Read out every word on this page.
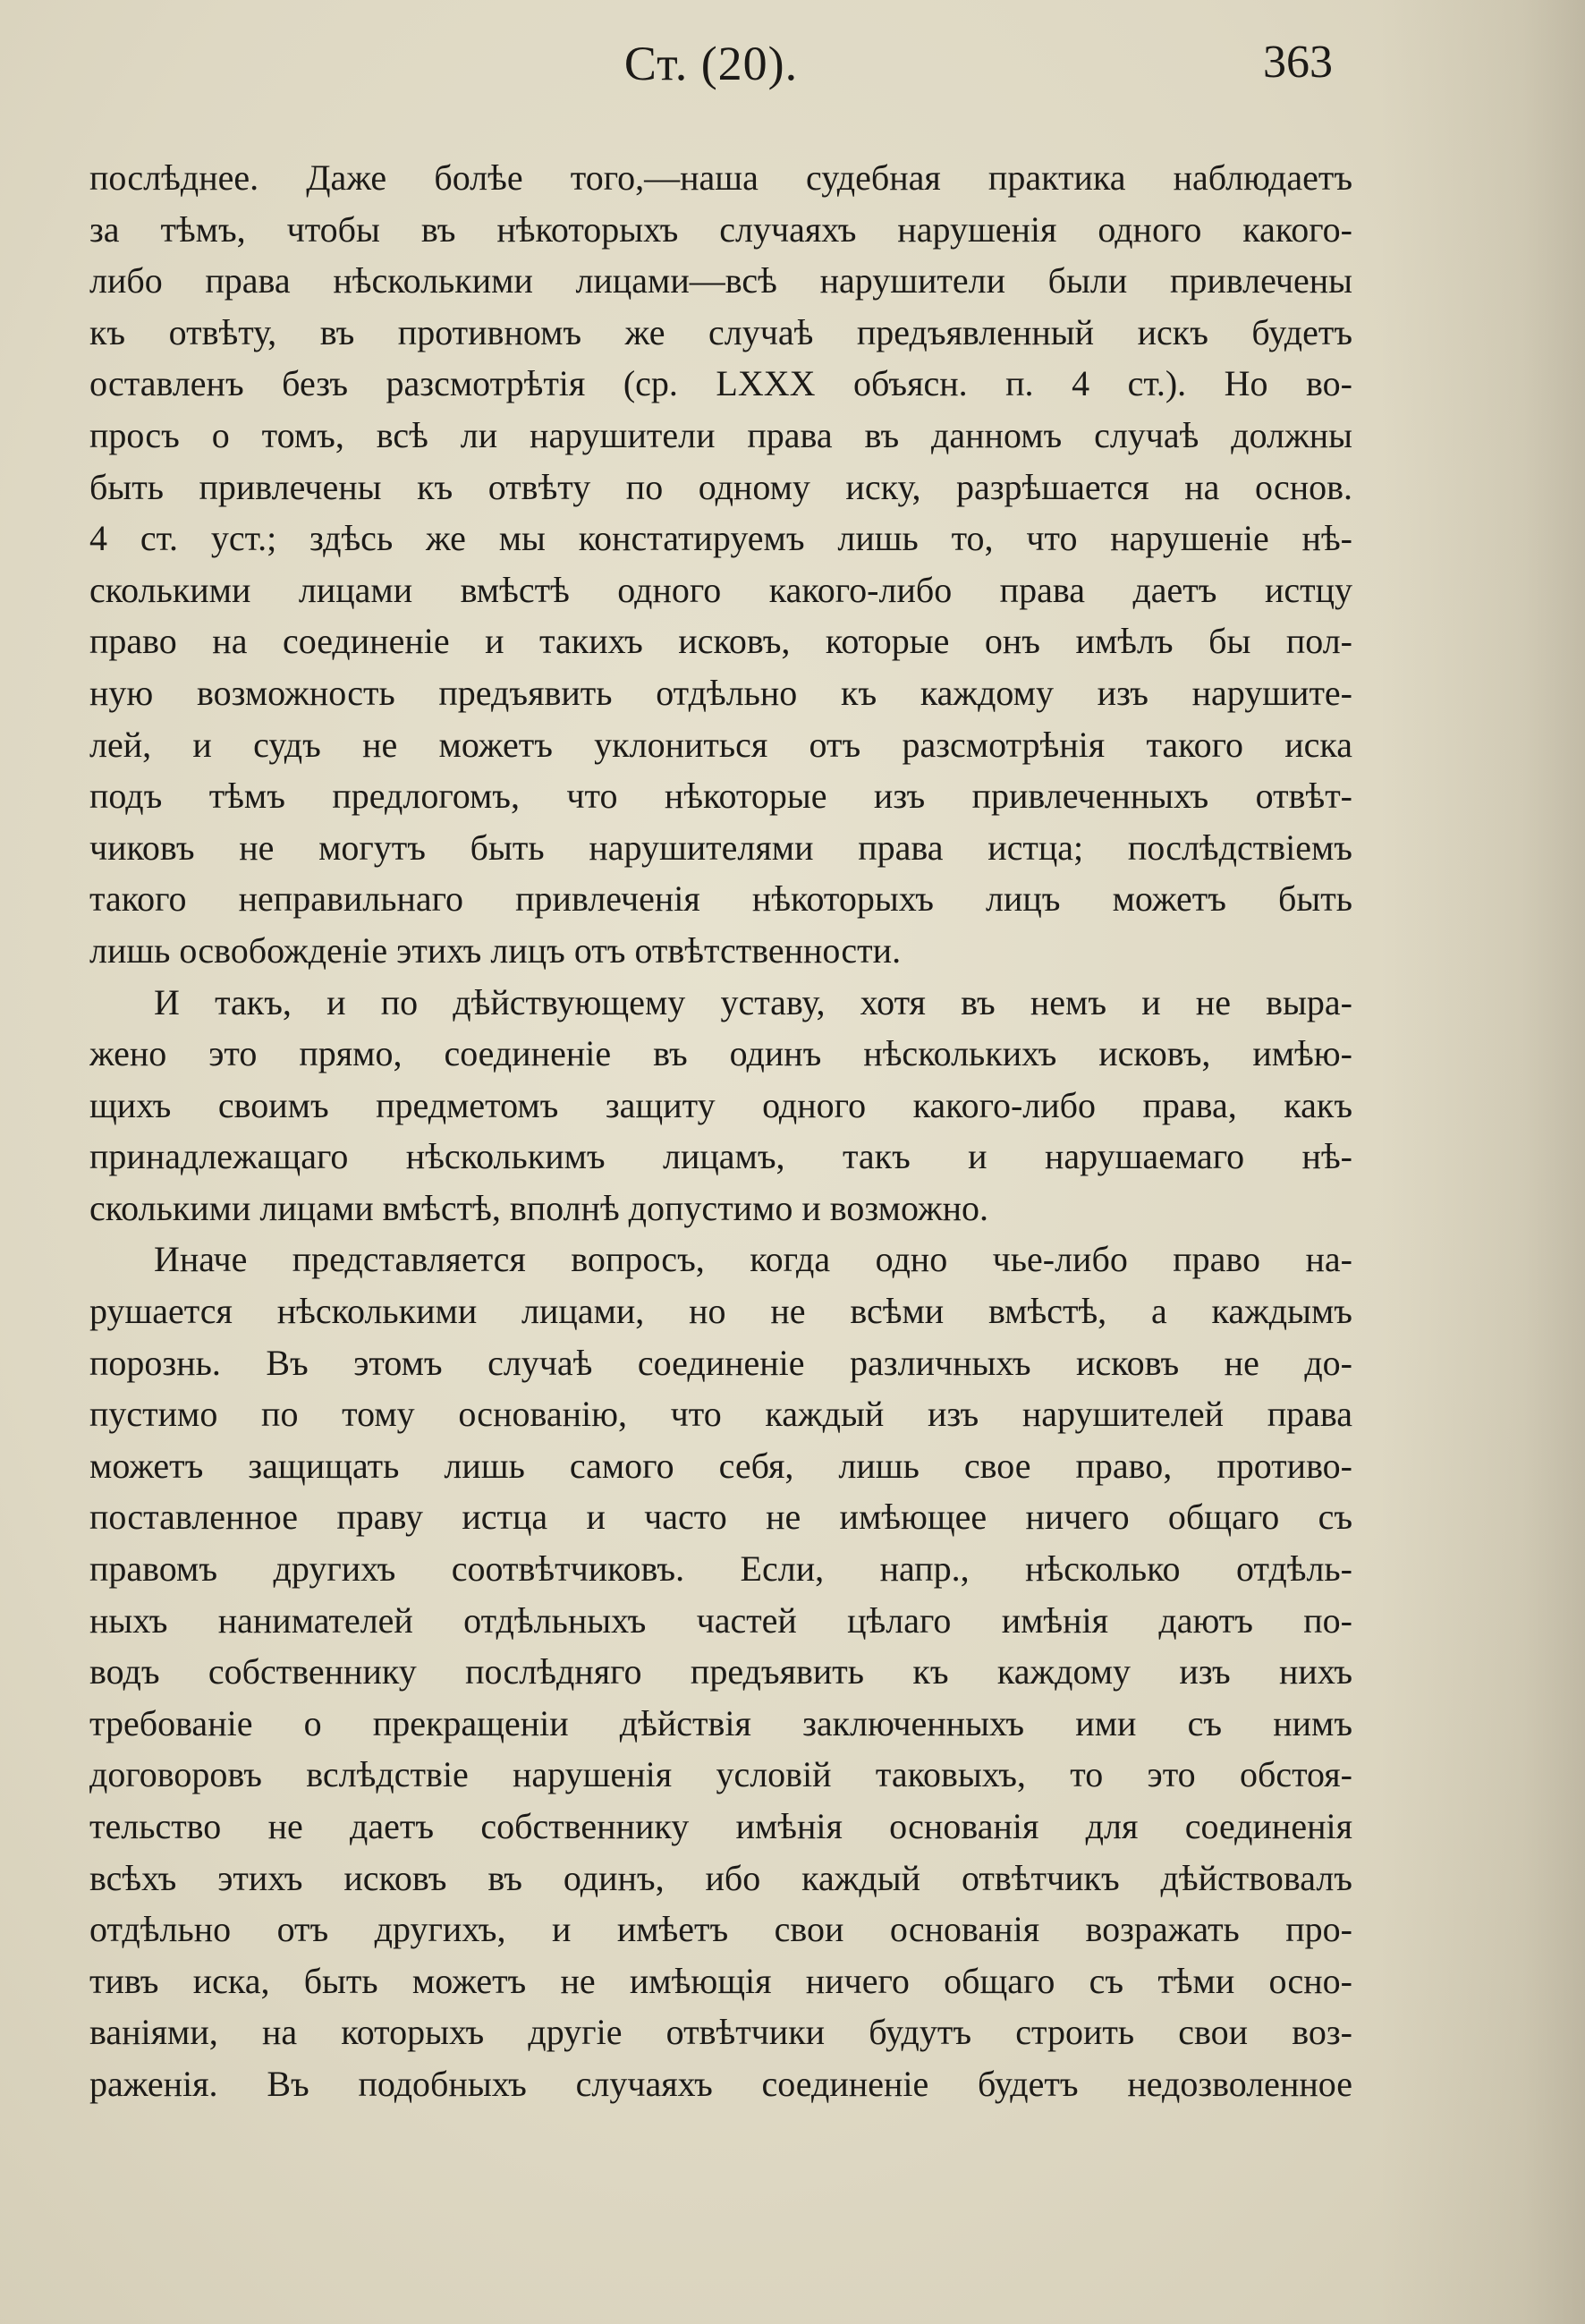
Ст. (20).	363

послѣднее. Даже болѣе того,—наша судебная практика наблюдаетъ
за тѣмъ, чтобы въ нѣкоторыхъ случаяхъ нарушенія одного какого-
либо права нѣсколькими лицами—всѣ нарушители были привлечены
къ отвѣту, въ противномъ же случаѣ предъявленный искъ будетъ
оставленъ безъ разсмотрѣтія (ср. LXXX объясн. п. 4 ст.). Но во-
просъ о томъ, всѣ ли нарушители права въ данномъ случаѣ должны
быть привлечены къ отвѣту по одному иску, разрѣшается на основ.
4 ст. уст.; здѣсь же мы констатируемъ лишь то, что нарушеніе нѣ-
сколькими лицами вмѣстѣ одного какого-либо права даетъ истцу
право на соединеніе и такихъ исковъ, которые онъ имѣлъ бы пол-
ную возможность предъявить отдѣльно къ каждому изъ нарушите-
лей, и судъ не можетъ уклониться отъ разсмотрѣнія такого иска
подъ тѣмъ предлогомъ, что нѣкоторые изъ привлеченныхъ отвѣт-
чиковъ не могутъ быть нарушителями права истца; послѣдствіемъ
такого неправильнаго привлеченія нѣкоторыхъ лицъ можетъ быть
лишь освобожденіе этихъ лицъ отъ отвѣтственности.

И такъ, и по дѣйствующему уставу, хотя въ немъ и не выра-
жено это прямо, соединеніе въ одинъ нѣсколькихъ исковъ, имѣю-
щихъ своимъ предметомъ защиту одного какого-либо права, какъ
принадлежащаго нѣсколькимъ лицамъ, такъ и нарушаемаго нѣ-
сколькими лицами вмѣстѣ, вполнѣ допустимо и возможно.

Иначе представляется вопросъ, когда одно чье-либо право на-
рушается нѣсколькими лицами, но не всѣми вмѣстѣ, а каждымъ
порознь. Въ этомъ случаѣ соединеніе различныхъ исковъ не до-
пустимо по тому основанію, что каждый изъ нарушителей права
можетъ защищать лишь самого себя, лишь свое право, противо-
поставленное праву истца и часто не имѣющее ничего общаго съ
правомъ другихъ соотвѣтчиковъ. Если, напр., нѣсколько отдѣль-
ныхъ нанимателей отдѣльныхъ частей цѣлаго имѣнія даютъ по-
водъ собственнику послѣдняго предъявить къ каждому изъ нихъ
требованіе о прекращеніи дѣйствія заключенныхъ ими съ нимъ
договоровъ вслѣдствіе нарушенія условій таковыхъ, то это обстоя-
тельство не даетъ собственнику имѣнія основанія для соединенія
всѣхъ этихъ исковъ въ одинъ, ибо каждый отвѣтчикъ дѣйствовалъ
отдѣльно отъ другихъ, и имѣетъ свои основанія возражать про-
тивъ иска, быть можетъ не имѣющія ничего общаго съ тѣми осно-
ваніями, на которыхъ другіе отвѣтчики будутъ строить свои воз-
раженія. Въ подобныхъ случаяхъ соединеніе будетъ недозволенное
